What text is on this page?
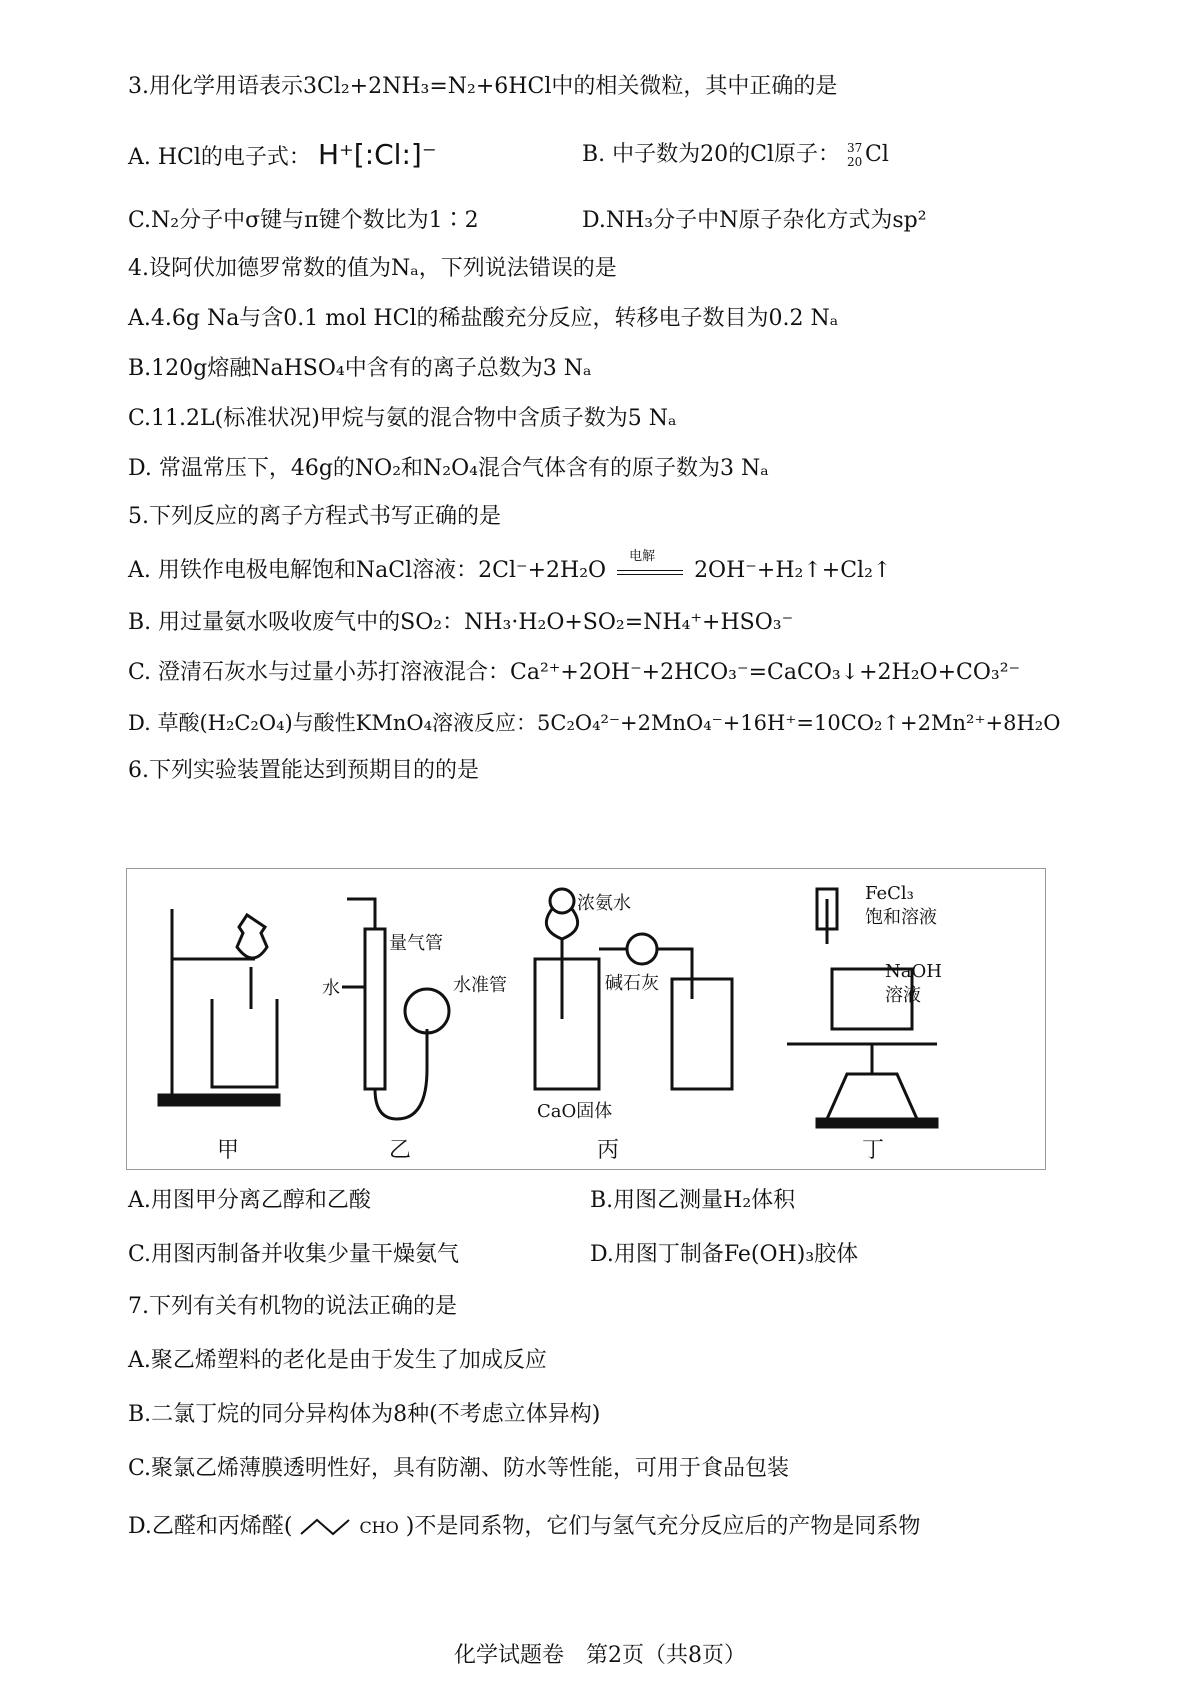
3.用化学用语表示3Cl₂+2NH₃=N₂+6HCl中的相关微粒，其中正确的是
A. HCl的电子式： H⁺[:Cl:]⁻	B. 中子数为20的Cl原子： 37
20 Cl
C.N₂分子中σ键与π键个数比为1∶2	D.NH₃分子中N原子杂化方式为sp²
4.设阿伏加德罗常数的值为Nₐ，下列说法错误的是
A.4.6g Na与含0.1 mol HCl的稀盐酸充分反应，转移电子数目为0.2 Nₐ
B.120g熔融NaHSO₄中含有的离子总数为3 Nₐ
C.11.2L(标准状况)甲烷与氨的混合物中含质子数为5 Nₐ
D. 常温常压下，46g的NO₂和N₂O₄混合气体含有的原子数为3 Nₐ
5.下列反应的离子方程式书写正确的是
A. 用铁作电极电解饱和NaCl溶液：2Cl⁻+2H₂O
电解
2OH⁻+H₂↑+Cl₂↑
B. 用过量氨水吸收废气中的SO₂：NH₃·H₂O+SO₂=NH₄⁺+HSO₃⁻
C. 澄清石灰水与过量小苏打溶液混合：Ca²⁺+2OH⁻+2HCO₃⁻=CaCO₃↓+2H₂O+CO₃²⁻
D. 草酸(H₂C₂O₄)与酸性KMnO₄溶液反应：5C₂O₄²⁻+2MnO₄⁻+16H⁺=10CO₂↑+2Mn²⁺+8H₂O
6.下列实验装置能达到预期目的的是
甲	乙	丙	丁
水
量气管
水准管
浓氨水
碱石灰
CaO固体
FeCl₃
饱和溶液
NaOH
溶液
A.用图甲分离乙醇和乙酸	B.用图乙测量H₂体积
C.用图丙制备并收集少量干燥氨气	D.用图丁制备Fe(OH)₃胶体
7.下列有关有机物的说法正确的是
A.聚乙烯塑料的老化是由于发生了加成反应
B.二氯丁烷的同分异构体为8种(不考虑立体异构)
C.聚氯乙烯薄膜透明性好，具有防潮、防水等性能，可用于食品包装
D.乙醛和丙烯醛(	CHO )不是同系物，它们与氢气充分反应后的产物是同系物
化学试题卷　第2页（共8页）
